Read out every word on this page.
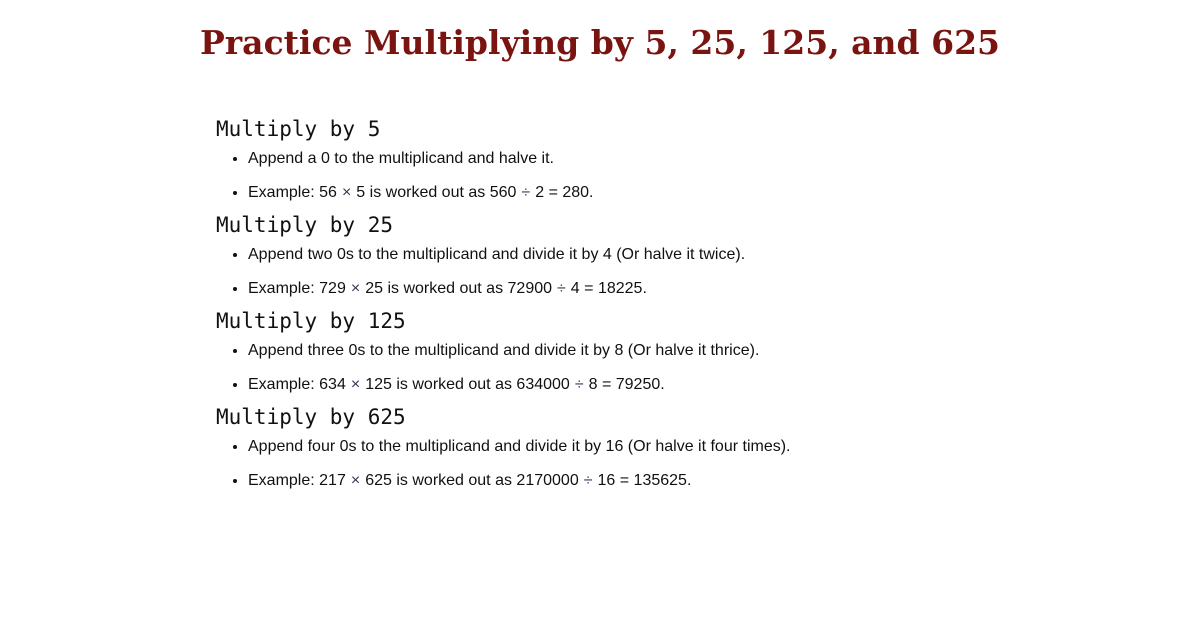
Practice Multiplying by 5, 25, 125, and 625
Multiply by 5
• Append a 0 to the multiplicand and halve it.
• Example: 56 × 5 is worked out as 560 ÷ 2 = 280.
Multiply by 25
• Append two 0s to the multiplicand and divide it by 4 (Or halve it twice).
• Example: 729 × 25 is worked out as 72900 ÷ 4 = 18225.
Multiply by 125
• Append three 0s to the multiplicand and divide it by 8 (Or halve it thrice).
• Example: 634 × 125 is worked out as 634000 ÷ 8 = 79250.
Multiply by 625
• Append four 0s to the multiplicand and divide it by 16 (Or halve it four times).
• Example: 217 × 625 is worked out as 2170000 ÷ 16 = 135625.
